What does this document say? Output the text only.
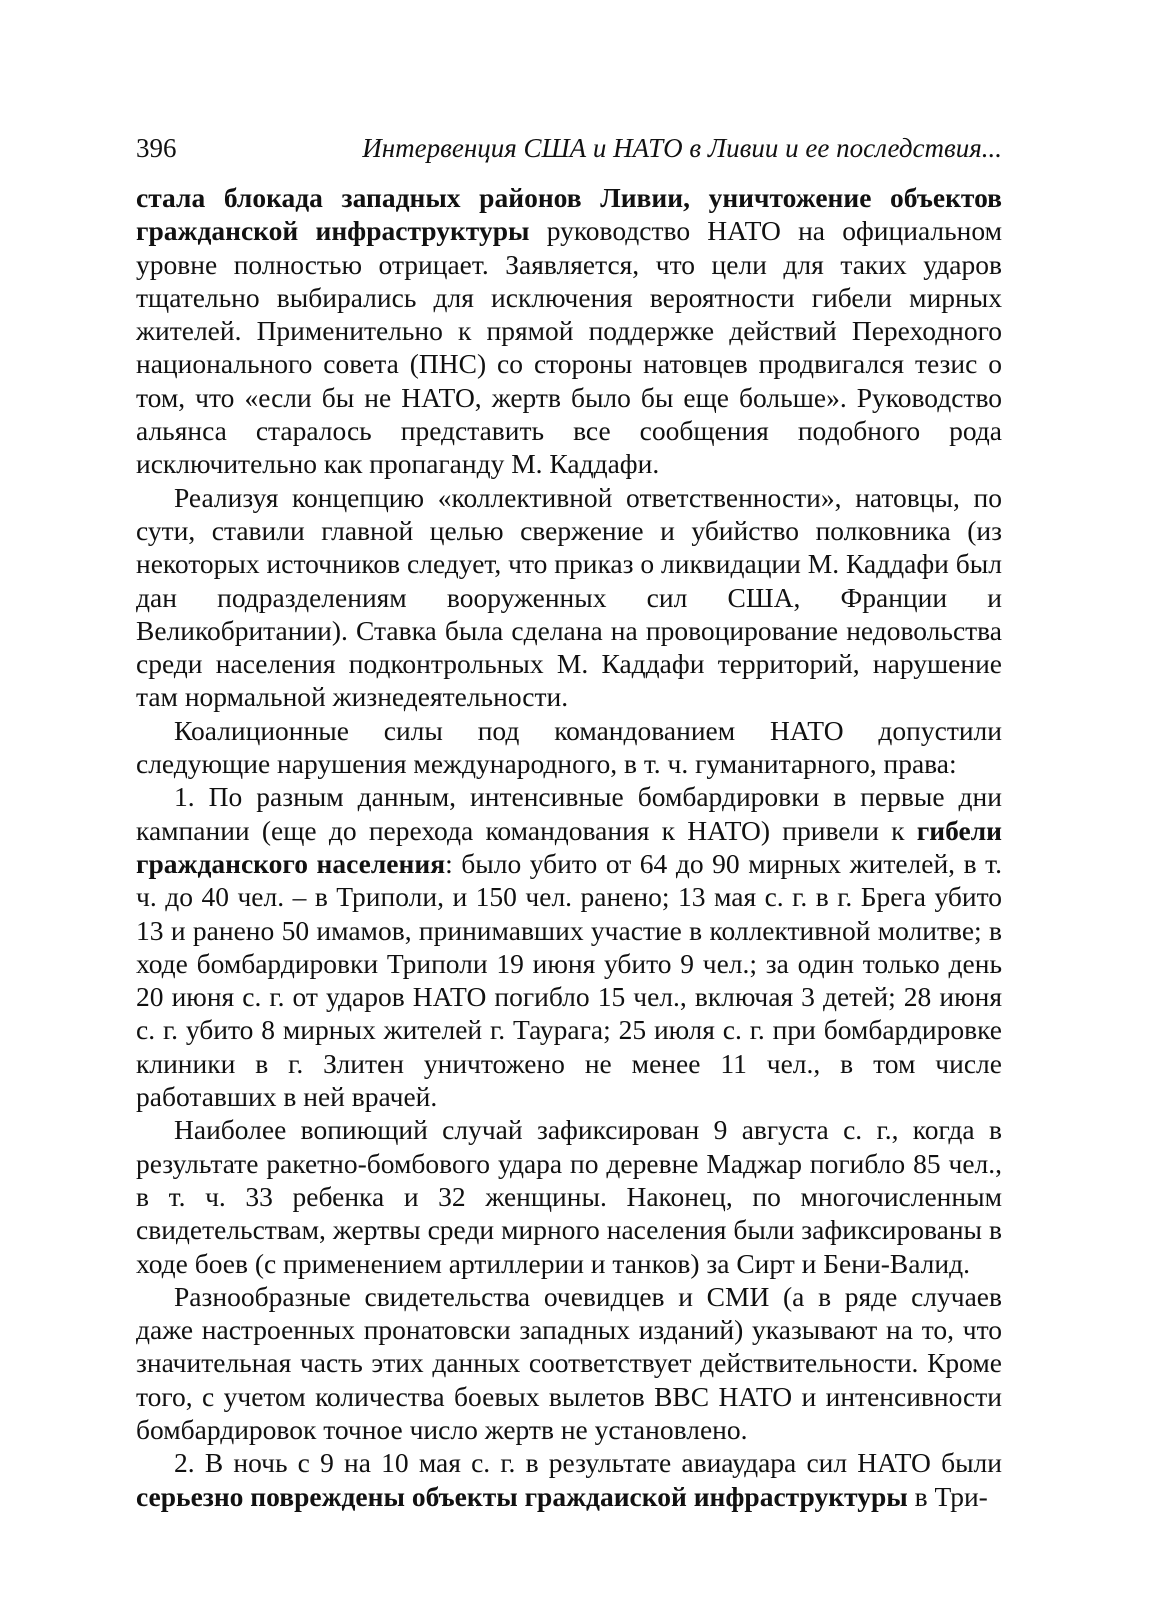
396	Интервенция США и НАТО в Ливии и ее последствия...

стала блокада западных районов Ливии, уничтожение объектов гражданской инфраструктуры руководство НАТО на официальном уровне полностью отрицает. Заявляется, что цели для таких ударов тщательно выбирались для исключения вероятности гибели мирных жителей. Применительно к прямой поддержке действий Переходного национального совета (ПНС) со стороны натовцев продвигался тезис о том, что «если бы не НАТО, жертв было бы еще больше». Руководство альянса старалось представить все сообщения подобного рода исключительно как пропаганду М. Каддафи.

Реализуя концепцию «коллективной ответственности», натовцы, по сути, ставили главной целью свержение и убийство полковника (из некоторых источников следует, что приказ о ликвидации М. Каддафи был дан подразделениям вооруженных сил США, Франции и Великобритании). Ставка была сделана на провоцирование недовольства среди населения подконтрольных М. Каддафи территорий, нарушение там нормальной жизнедеятельности.

Коалиционные силы под командованием НАТО допустили следующие нарушения международного, в т. ч. гуманитарного, права:

1. По разным данным, интенсивные бомбардировки в первые дни кампании (еще до перехода командования к НАТО) привели к гибели гражданского населения: было убито от 64 до 90 мирных жителей, в т. ч. до 40 чел. – в Триполи, и 150 чел. ранено; 13 мая с. г. в г. Брега убито 13 и ранено 50 имамов, принимавших участие в коллективной молитве; в ходе бомбардировки Триполи 19 июня убито 9 чел.; за один только день 20 июня с. г. от ударов НАТО погибло 15 чел., включая 3 детей; 28 июня с. г. убито 8 мирных жителей г. Таурага; 25 июля с. г. при бомбардировке клиники в г. Злитен уничтожено не менее 11 чел., в том числе работавших в ней врачей.

Наиболее вопиющий случай зафиксирован 9 августа с. г., когда в результате ракетно-бомбового удара по деревне Маджар погибло 85 чел., в т. ч. 33 ребенка и 32 женщины. Наконец, по многочисленным свидетельствам, жертвы среди мирного населения были зафиксированы в ходе боев (с применением артиллерии и танков) за Сирт и Бени-Валид.

Разнообразные свидетельства очевидцев и СМИ (а в ряде случаев даже настроенных пронатовски западных изданий) указывают на то, что значительная часть этих данных соответствует действительности. Кроме того, с учетом количества боевых вылетов ВВС НАТО и интенсивности бомбардировок точное число жертв не установлено.

2. В ночь с 9 на 10 мая с. г. в результате авиаудара сил НАТО были серьезно повреждены объекты граждаиской инфраструктуры в Три-
